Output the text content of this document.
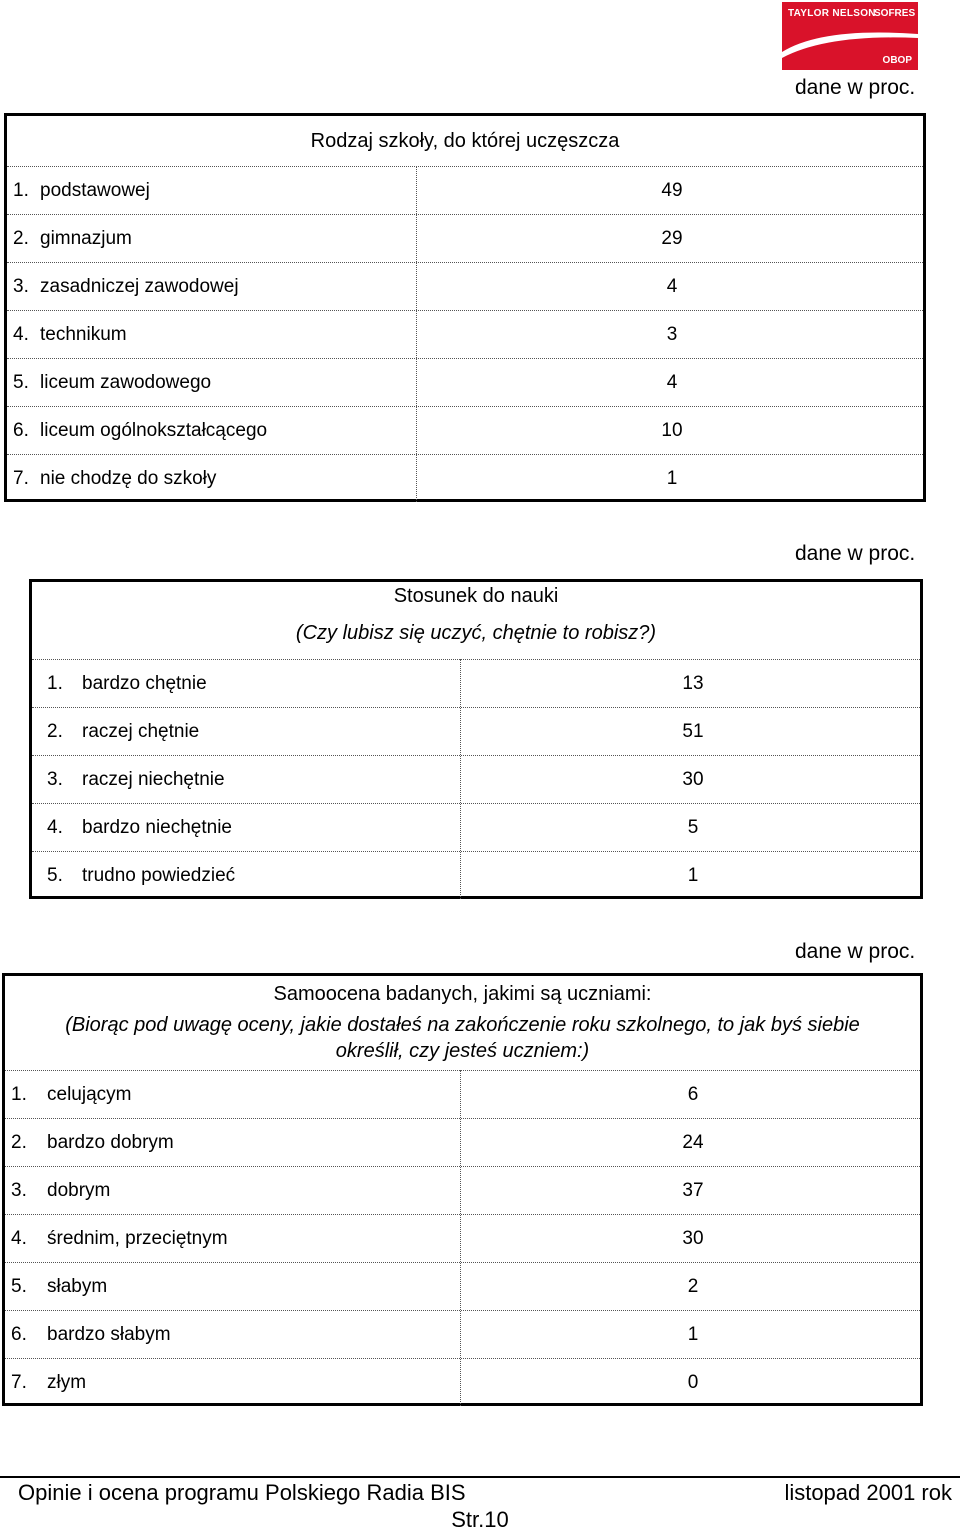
TAYLOR NELSON
SOFRES
OBOP
dane w proc.
Rodzaj szkoły, do której uczęszcza
1. podstawowej	49
2. gimnazjum	29
3. zasadniczej zawodowej	4
4. technikum	3
5. liceum zawodowego	4
6. liceum ogólnokształcącego	10
7. nie chodzę do szkoły	1
dane w proc.
Stosunek do nauki
(Czy lubisz się uczyć, chętnie to robisz?)
1. bardzo chętnie	13
2. raczej chętnie	51
3. raczej niechętnie	30
4. bardzo niechętnie	5
5. trudno powiedzieć	1
dane w proc.
Samoocena badanych, jakimi są uczniami:
(Biorąc pod uwagę oceny, jakie dostałeś na zakończenie roku szkolnego, to jak byś siebie
określił, czy jesteś uczniem:)
1. celującym	6
2. bardzo dobrym	24
3. dobrym	37
4. średnim, przeciętnym	30
5. słabym	2
6. bardzo słabym	1
7. złym	0
Opinie i ocena programu Polskiego Radia BIS	listopad 2001 rok
Str.10
